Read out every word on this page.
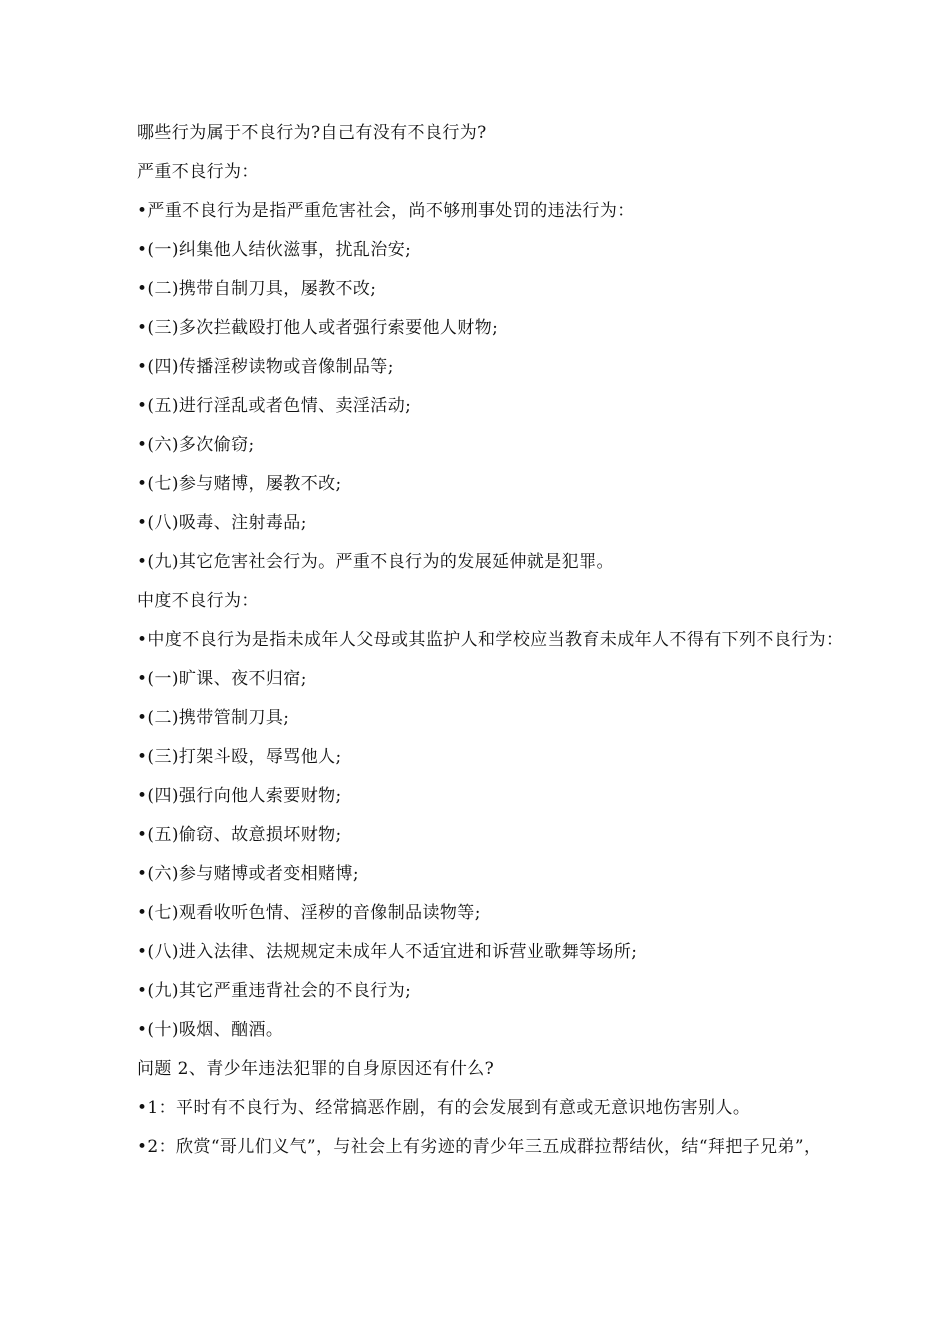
哪些行为属于不良行为?自己有没有不良行为?
严重不良行为：
•严重不良行为是指严重危害社会，尚不够刑事处罚的违法行为：
•(一)纠集他人结伙滋事，扰乱治安;
•(二)携带自制刀具，屡教不改;
•(三)多次拦截殴打他人或者强行索要他人财物;
•(四)传播淫秽读物或音像制品等;
•(五)进行淫乱或者色情、卖淫活动;
•(六)多次偷窃;
•(七)参与赌博，屡教不改;
•(八)吸毒、注射毒品;
•(九)其它危害社会行为。严重不良行为的发展延伸就是犯罪。
中度不良行为：
•中度不良行为是指未成年人父母或其监护人和学校应当教育未成年人不得有下列不良行为：
•(一)旷课、夜不归宿;
•(二)携带管制刀具;
•(三)打架斗殴，辱骂他人;
•(四)强行向他人索要财物;
•(五)偷窃、故意损坏财物;
•(六)参与赌博或者变相赌博;
•(七)观看收听色情、淫秽的音像制品读物等;
•(八)进入法律、法规规定未成年人不适宜进和诉营业歌舞等场所;
•(九)其它严重违背社会的不良行为;
•(十)吸烟、酗酒。
问题 2、青少年违法犯罪的自身原因还有什么?
•1：平时有不良行为、经常搞恶作剧，有的会发展到有意或无意识地伤害别人。
•2：欣赏“哥儿们义气”，与社会上有劣迹的青少年三五成群拉帮结伙，结“拜把子兄弟”，
